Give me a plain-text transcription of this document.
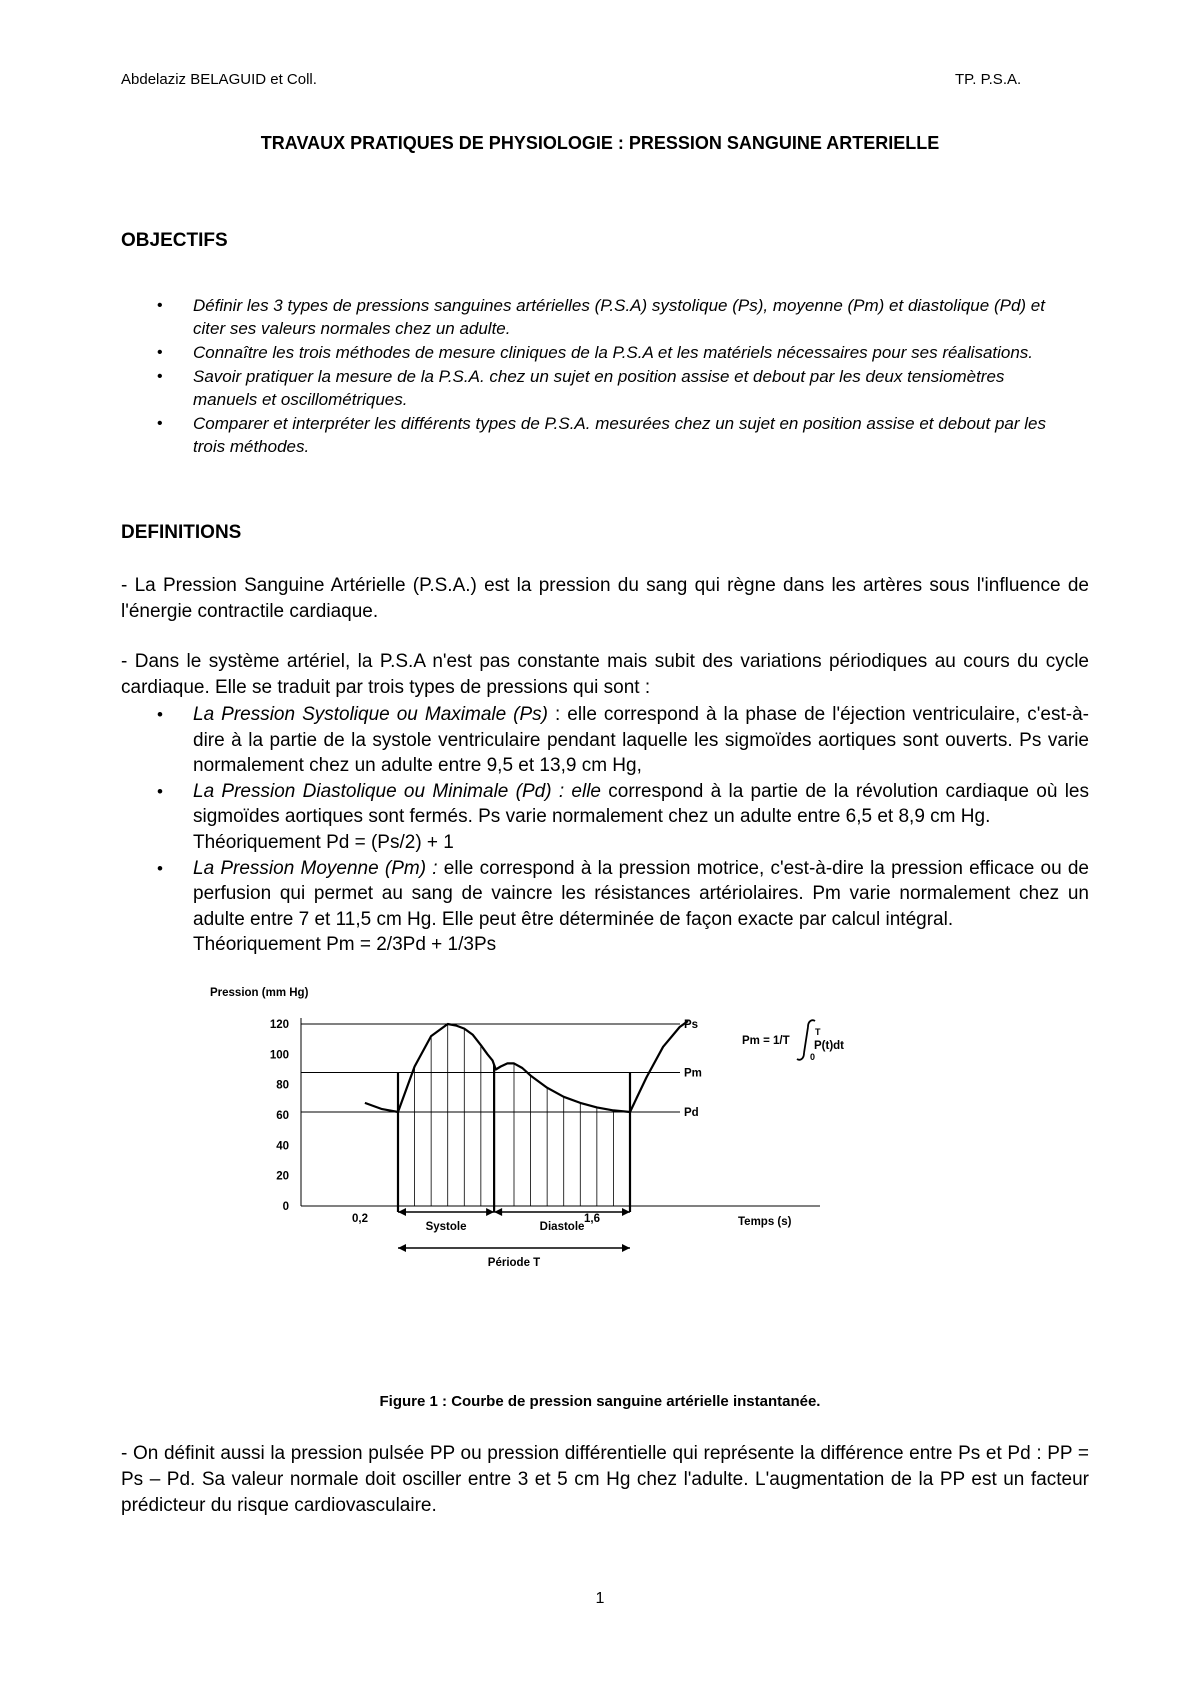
Abdelaziz BELAGUID et Coll.	TP. P.S.A.
TRAVAUX PRATIQUES DE PHYSIOLOGIE : PRESSION SANGUINE ARTERIELLE
OBJECTIFS
• Définir les 3 types de pressions sanguines artérielles (P.S.A) systolique (Ps), moyenne (Pm) et diastolique (Pd) et citer ses valeurs normales chez un adulte.
• Connaître les trois méthodes de mesure cliniques de la P.S.A et les matériels nécessaires pour ses réalisations.
• Savoir pratiquer la mesure de la P.S.A. chez un sujet en position assise et debout par les deux tensiomètres manuels et oscillométriques.
• Comparer et interpréter les différents types de P.S.A. mesurées chez un sujet en position assise et debout par les trois méthodes.
DEFINITIONS

- La Pression Sanguine Artérielle (P.S.A.) est la pression du sang qui règne dans les artères sous l'influence de l'énergie contractile cardiaque.

- Dans le système artériel, la P.S.A n'est pas constante mais subit des variations périodiques au cours du cycle cardiaque. Elle se traduit par trois types de pressions qui sont :

• La Pression Systolique ou Maximale (Ps) : elle correspond à la phase de l'éjection ventriculaire, c'est-à-dire à la partie de la systole ventriculaire pendant laquelle les sigmoïdes aortiques sont ouverts. Ps varie normalement chez un adulte entre 9,5 et 13,9 cm Hg,
• La Pression Diastolique ou Minimale (Pd) : elle correspond à la partie de la révolution cardiaque où les sigmoïdes aortiques sont fermés. Ps varie normalement chez un adulte entre 6,5 et 8,9 cm Hg.
Théoriquement Pd = (Ps/2) + 1
• La Pression Moyenne (Pm) : elle correspond à la pression motrice, c'est-à-dire la pression efficace ou de perfusion qui permet au sang de vaincre les résistances artériolaires. Pm varie normalement chez un adulte entre 7 et 11,5 cm Hg. Elle peut être déterminée de façon exacte par calcul intégral.
Théoriquement Pm = 2/3Pd + 1/3Ps
Pression (mm Hg)
0
20
40
60
80
100
120
0,2	1,6	Temps (s)
Ps
Pm
Pd
Systole	Diastole
Période T
Pm = 1/T
T
0
P(t)dt
Figure 1 : Courbe de pression sanguine artérielle instantanée.

- On définit aussi la pression pulsée PP ou pression différentielle qui représente la différence entre Ps et Pd : PP = Ps – Pd. Sa valeur normale doit osciller entre 3 et 5 cm Hg chez l'adulte. L'augmentation de la PP est un facteur prédicteur du risque cardiovasculaire.

1
